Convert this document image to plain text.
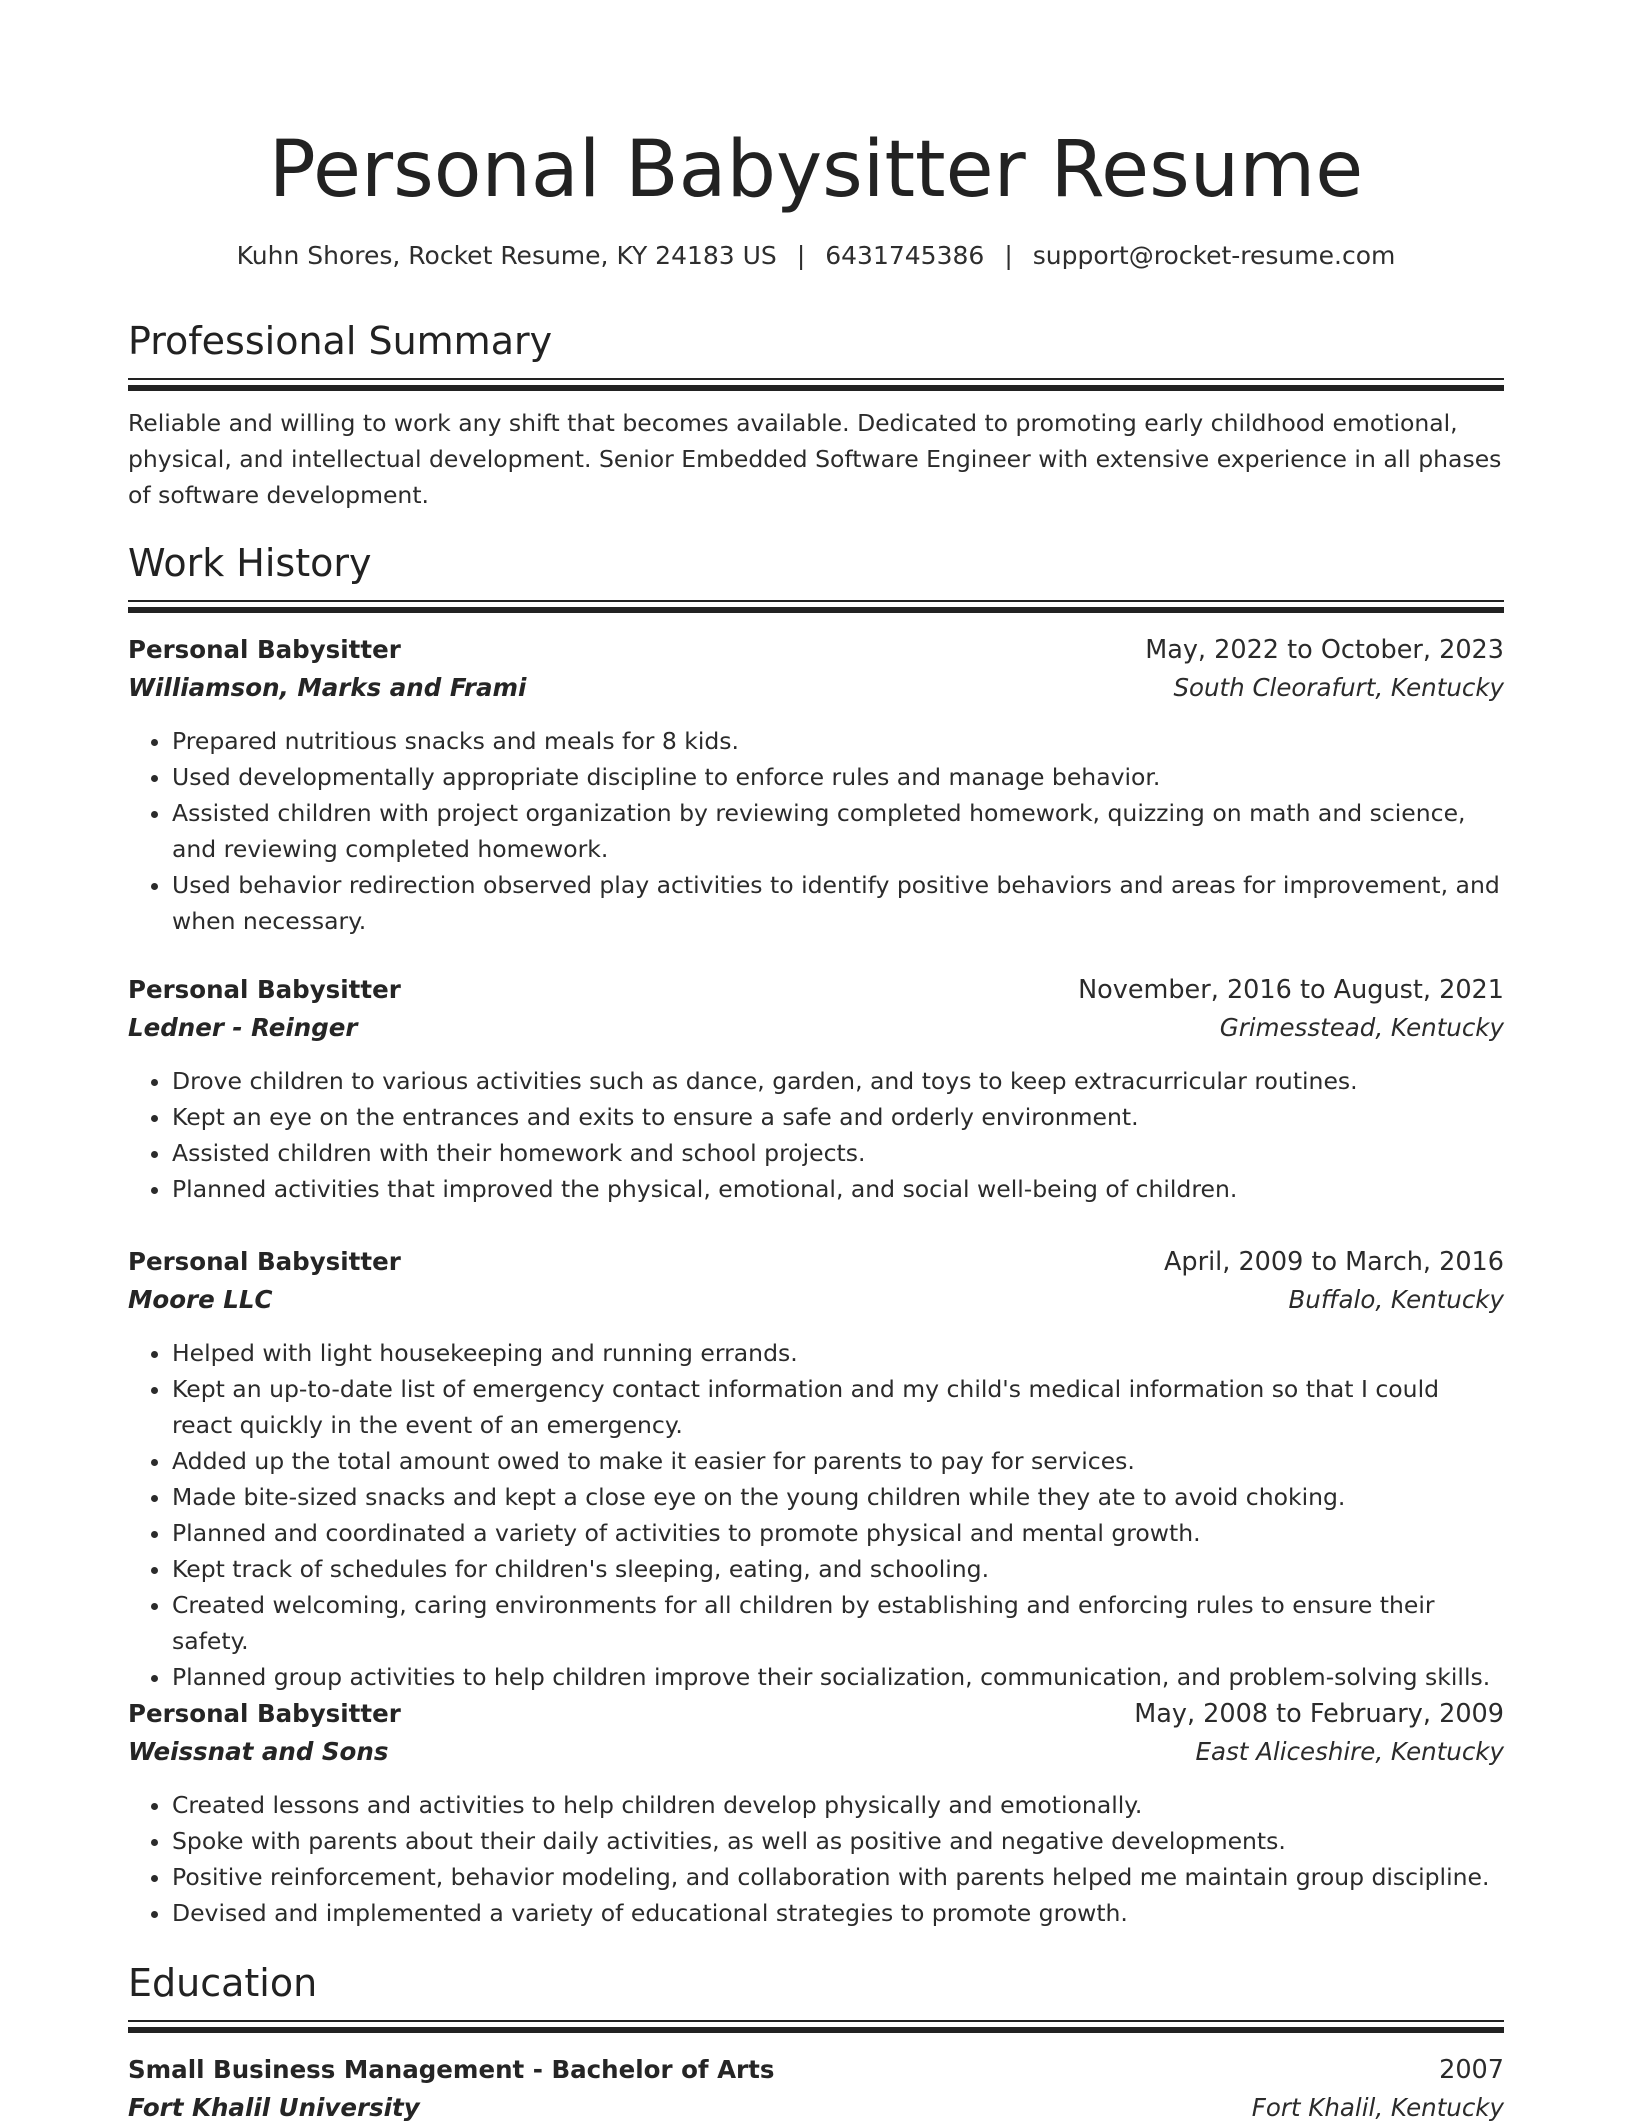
Personal Babysitter Resume
Kuhn Shores, Rocket Resume, KY 24183 US | 6431745386 | support@rocket-resume.com
Professional Summary

Reliable and willing to work any shift that becomes available. Dedicated to promoting early childhood emotional, physical, and intellectual development. Senior Embedded Software Engineer with extensive experience in all phases of software development.

Work History
Personal Babysitter	May, 2022 to October, 2023
Williamson, Marks and Frami	South Cleorafurt, Kentucky
• Prepared nutritious snacks and meals for 8 kids.
• Used developmentally appropriate discipline to enforce rules and manage behavior.
• Assisted children with project organization by reviewing completed homework, quizzing on math and science, and reviewing completed homework.
• Used behavior redirection observed play activities to identify positive behaviors and areas for improvement, and when necessary.
Personal Babysitter	November, 2016 to August, 2021
Ledner - Reinger	Grimesstead, Kentucky
• Drove children to various activities such as dance, garden, and toys to keep extracurricular routines.
• Kept an eye on the entrances and exits to ensure a safe and orderly environment.
• Assisted children with their homework and school projects.
• Planned activities that improved the physical, emotional, and social well-being of children.
Personal Babysitter	April, 2009 to March, 2016
Moore LLC	Buffalo, Kentucky
• Helped with light housekeeping and running errands.
• Kept an up-to-date list of emergency contact information and my child's medical information so that I could react quickly in the event of an emergency.
• Added up the total amount owed to make it easier for parents to pay for services.
• Made bite-sized snacks and kept a close eye on the young children while they ate to avoid choking.
• Planned and coordinated a variety of activities to promote physical and mental growth.
• Kept track of schedules for children's sleeping, eating, and schooling.
• Created welcoming, caring environments for all children by establishing and enforcing rules to ensure their safety.
• Planned group activities to help children improve their socialization, communication, and problem-solving skills.
Personal Babysitter	May, 2008 to February, 2009
Weissnat and Sons	East Aliceshire, Kentucky
• Created lessons and activities to help children develop physically and emotionally.
• Spoke with parents about their daily activities, as well as positive and negative developments.
• Positive reinforcement, behavior modeling, and collaboration with parents helped me maintain group discipline.
• Devised and implemented a variety of educational strategies to promote growth.
Education
Small Business Management - Bachelor of Arts	2007
Fort Khalil University	Fort Khalil, Kentucky
